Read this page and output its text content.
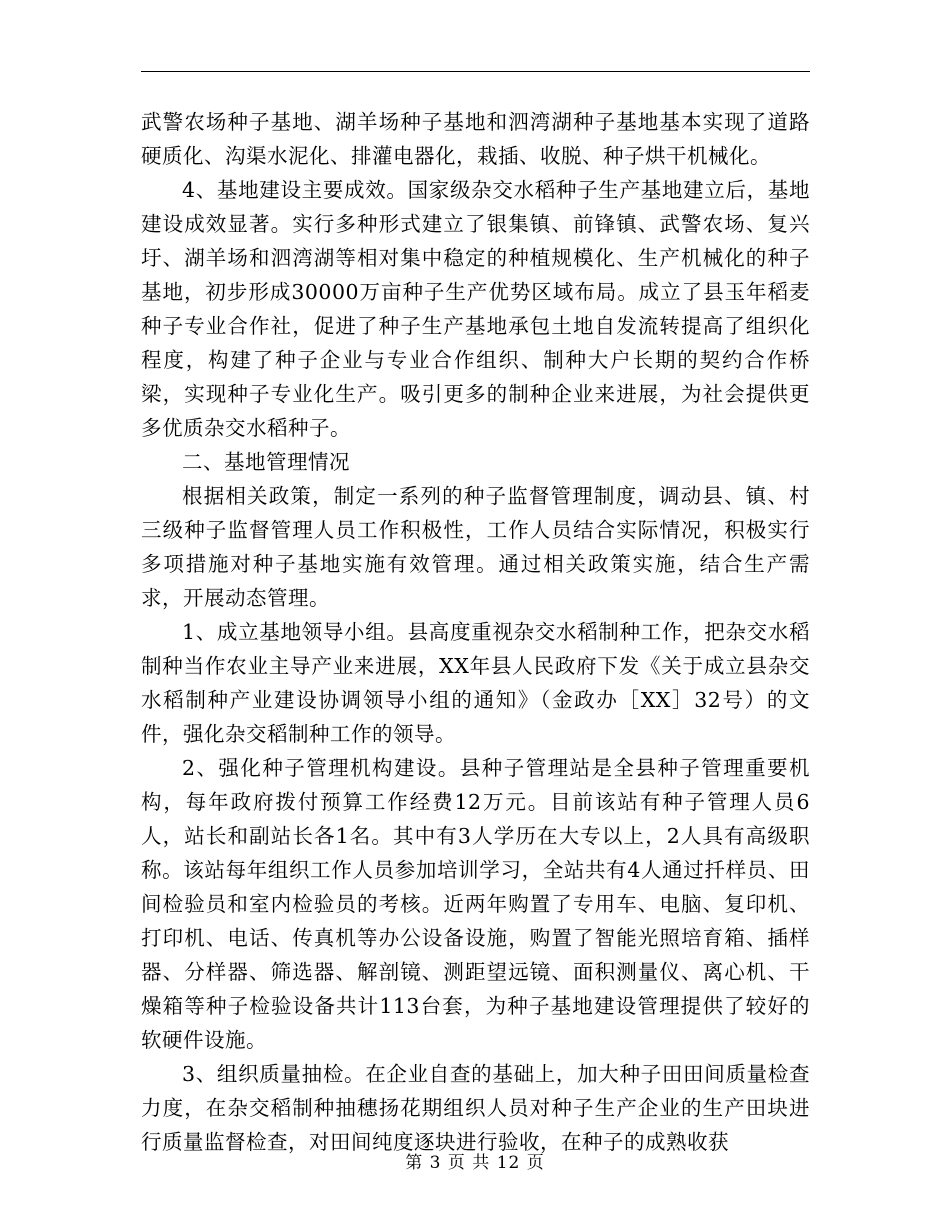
武警农场种子基地、湖羊场种子基地和泗湾湖种子基地基本实现了道路硬质化、沟渠水泥化、排灌电器化，栽插、收脱、种子烘干机械化。

4、基地建设主要成效。国家级杂交水稻种子生产基地建立后，基地建设成效显著。实行多种形式建立了银集镇、前锋镇、武警农场、复兴圩、湖羊场和泗湾湖等相对集中稳定的种植规模化、生产机械化的种子基地，初步形成30000万亩种子生产优势区域布局。成立了县玉年稻麦种子专业合作社，促进了种子生产基地承包土地自发流转提高了组织化程度，构建了种子企业与专业合作组织、制种大户长期的契约合作桥梁，实现种子专业化生产。吸引更多的制种企业来进展，为社会提供更多优质杂交水稻种子。

二、基地管理情况

根据相关政策，制定一系列的种子监督管理制度，调动县、镇、村三级种子监督管理人员工作积极性，工作人员结合实际情况，积极实行多项措施对种子基地实施有效管理。通过相关政策实施，结合生产需求，开展动态管理。

1、成立基地领导小组。县高度重视杂交水稻制种工作，把杂交水稻制种当作农业主导产业来进展，XX年县人民政府下发《关于成立县杂交水稻制种产业建设协调领导小组的通知》（金政办［XX］32号）的文件，强化杂交稻制种工作的领导。

2、强化种子管理机构建设。县种子管理站是全县种子管理重要机构，每年政府拨付预算工作经费12万元。目前该站有种子管理人员6人，站长和副站长各1名。其中有3人学历在大专以上，2人具有高级职称。该站每年组织工作人员参加培训学习，全站共有4人通过扦样员、田间检验员和室内检验员的考核。近两年购置了专用车、电脑、复印机、打印机、电话、传真机等办公设备设施，购置了智能光照培育箱、插样器、分样器、筛选器、解剖镜、测距望远镜、面积测量仪、离心机、干燥箱等种子检验设备共计113台套，为种子基地建设管理提供了较好的软硬件设施。

3、组织质量抽检。在企业自查的基础上，加大种子田田间质量检查力度，在杂交稻制种抽穗扬花期组织人员对种子生产企业的生产田块进行质量监督检查，对田间纯度逐块进行验收，在种子的成熟收获

第 3 页 共 12 页
